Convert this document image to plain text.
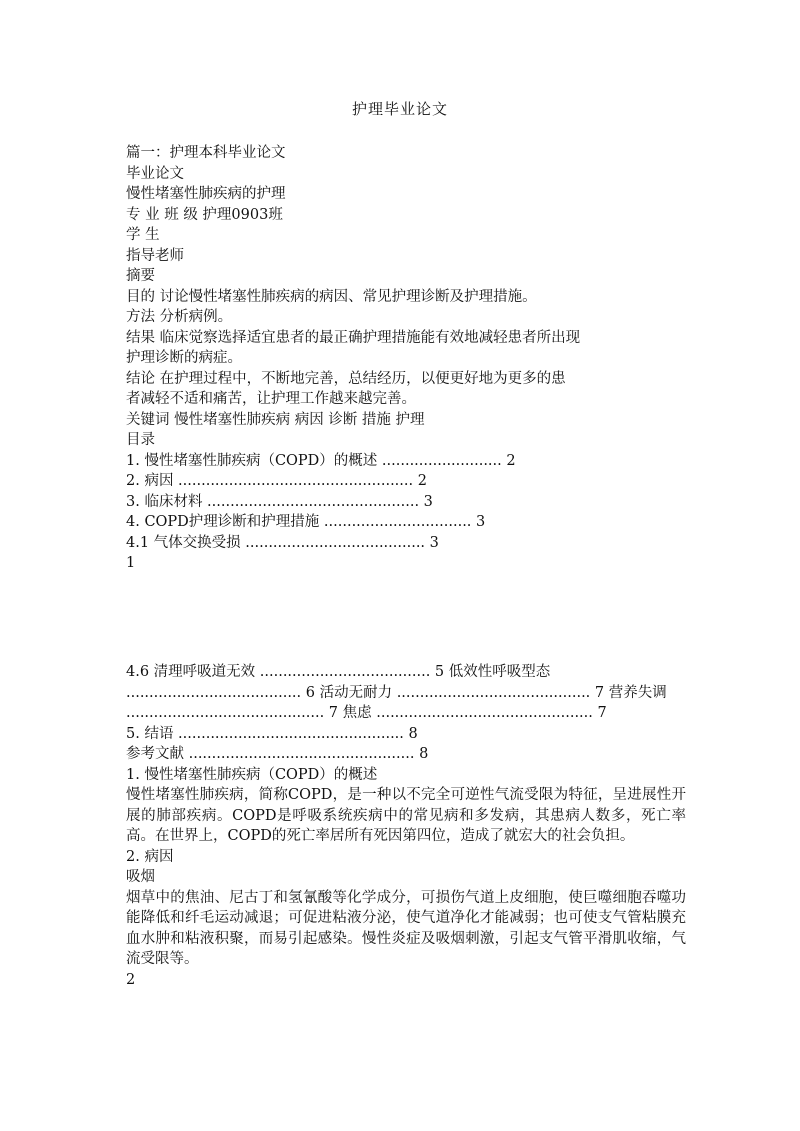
护理毕业论文
篇一：护理本科毕业论文
毕业论文
慢性堵塞性肺疾病的护理
专 业 班 级 护理0903班
学 生
指导老师
摘要
目的 讨论慢性堵塞性肺疾病的病因、常见护理诊断及护理措施。
方法 分析病例。
结果 临床觉察选择适宜患者的最正确护理措施能有效地减轻患者所出现
护理诊断的病症。
结论 在护理过程中，不断地完善，总结经历，以便更好地为更多的患
者减轻不适和痛苦，让护理工作越来越完善。
关键词 慢性堵塞性肺疾病 病因 诊断 措施 护理
目录
1. 慢性堵塞性肺疾病（COPD）的概述 .......................... 2
2. 病因 ................................................... 2
3. 临床材料 .............................................. 3
4. COPD护理诊断和护理措施 ................................ 3
4.1 气体交换受损 ....................................... 3
1
4.6 清理呼吸道无效 ..................................... 5 低效性呼吸型态
...................................... 6 活动无耐力 .......................................... 7 营养失调
........................................... 7 焦虑 ............................................... 7
5. 结语 ................................................. 8
参考文献 ................................................. 8
1. 慢性堵塞性肺疾病（COPD）的概述
慢性堵塞性肺疾病，简称COPD，是一种以不完全可逆性气流受限为特征，呈进展性开展的肺部疾病。COPD是呼吸系统疾病中的常见病和多发病，其患病人数多，死亡率高。在世界上，COPD的死亡率居所有死因第四位，造成了就宏大的社会负担。
2. 病因
吸烟
烟草中的焦油、尼古丁和氢氰酸等化学成分，可损伤气道上皮细胞，使巨噬细胞吞噬功能降低和纤毛运动减退；可促进粘液分泌，使气道净化才能减弱；也可使支气管粘膜充血水肿和粘液积聚，而易引起感染。慢性炎症及吸烟刺激，引起支气管平滑肌收缩，气流受限等。
2
